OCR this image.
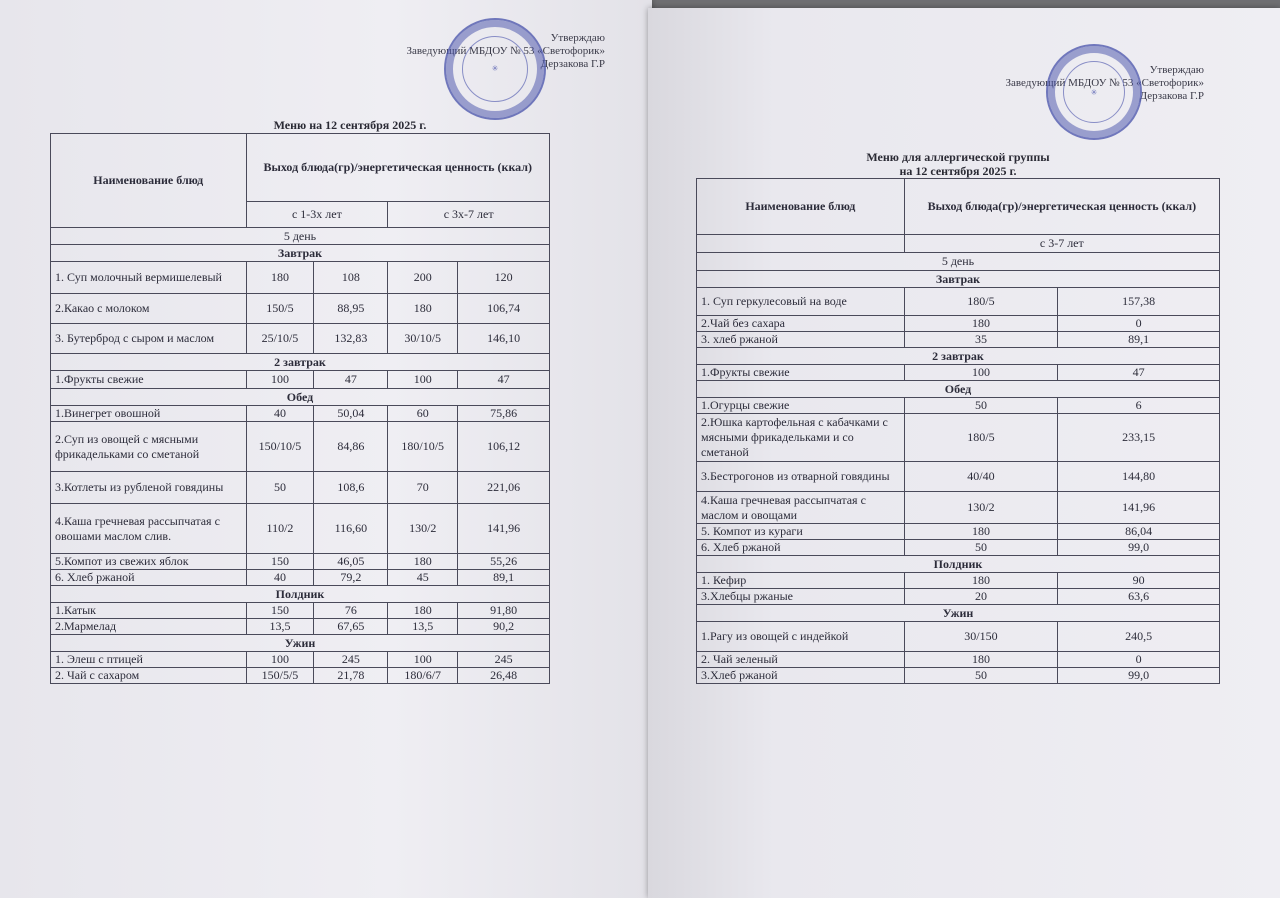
Утверждаю
Заведующий МБДОУ № 53 «Светофорик»
Дерзакова Г.Р
✳
Меню на 12 сентября 2025 г.
Наименование блюд	Выход блюда(гр)/энергетическая ценность (ккал)			
	с 1-3х лет		с 3х-7 лет	
5 день				
Завтрак				
1. Суп молочный вермишелевый	180	108	200	120
2.Какао с молоком	150/5	88,95	180	106,74
3. Бутерброд с сыром и маслом	25/10/5	132,83	30/10/5	146,10
2 завтрак				
1.Фрукты свежие	100	47	100	47
Обед				
1.Винегрет овошной	40	50,04	60	75,86
2.Суп из овощей с мясными фрикадельками со сметаной	150/10/5	84,86	180/10/5	106,12
3.Котлеты из рубленой говядины	50	108,6	70	221,06
4.Каша гречневая рассыпчатая с овошами маслом слив.	110/2	116,60	130/2	141,96
5.Компот из свежих яблок	150	46,05	180	55,26
6. Хлеб ржаной	40	79,2	45	89,1
Полдник				
1.Катык	150	76	180	91,80
2.Мармелад	13,5	67,65	13,5	90,2
Ужин				
1. Элеш с птицей	100	245	100	245
2. Чай с сахаром	150/5/5	21,78	180/6/7	26,48
Утверждаю
Заведующий МБДОУ № 53 «Светофорик»
Дерзакова Г.Р
✳
Меню для аллергической группы
на 12 сентября 2025 г.
Наименование блюд	Выход блюда(гр)/энергетическая ценность (ккал)	
	с 3-7 лет	
5 день		
Завтрак		
1. Суп геркулесовый на воде	180/5	157,38
2.Чай без сахара	180	0
3. хлеб ржаной	35	89,1
2 завтрак		
1.Фрукты свежие	100	47
Обед		
1.Огурцы свежие	50	6
2.Юшка картофельная с кабачками с мясными фрикадельками и со сметаной	180/5	233,15
3.Бестрогонов из отварной говядины	40/40	144,80
4.Каша гречневая рассыпчатая с маслом и овощами	130/2	141,96
5. Компот из кураги	180	86,04
6. Хлеб ржаной	50	99,0
Полдник		
1. Кефир	180	90
3.Хлебцы ржаные	20	63,6
Ужин		
1.Рагу из овощей с индейкой	30/150	240,5
2. Чай зеленый	180	0
3.Хлеб ржаной	50	99,0
